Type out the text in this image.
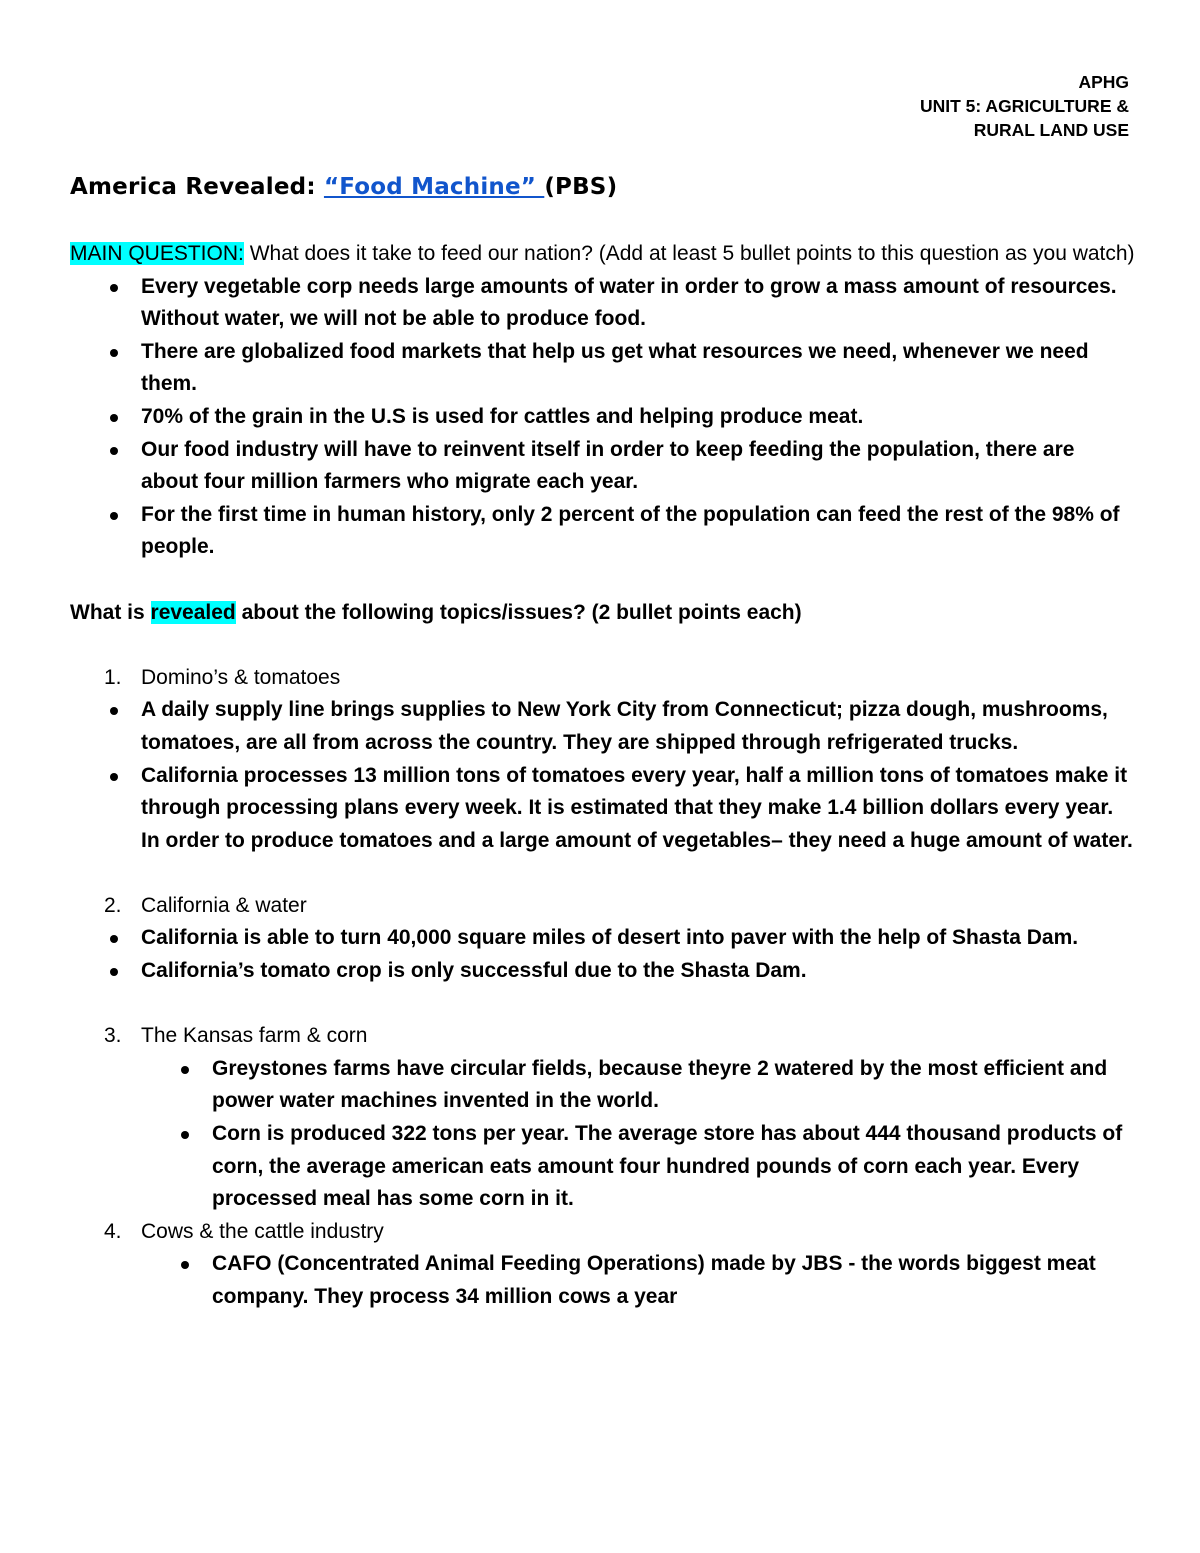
APHG
UNIT 5: AGRICULTURE &
RURAL LAND USE
America Revealed: “Food Machine” (PBS)
MAIN QUESTION: What does it take to feed our nation? (Add at least 5 bullet points to this question as you watch)
Every vegetable corp needs large amounts of water in order to grow a mass amount of resources. Without water, we will not be able to produce food.
There are globalized food markets that help us get what resources we need, whenever we need them.
70% of the grain in the U.S is used for cattles and helping produce meat.
Our food industry will have to reinvent itself in order to keep feeding the population, there are about four million farmers who migrate each year.
For the first time in human history, only 2 percent of the population can feed the rest of the 98% of people.
What is revealed about the following topics/issues? (2 bullet points each)
1. Domino’s & tomatoes
A daily supply line brings supplies to New York City from Connecticut; pizza dough, mushrooms, tomatoes, are all from across the country. They are shipped through refrigerated trucks.
California processes 13 million tons of tomatoes every year, half a million tons of tomatoes make it through processing plans every week. It is estimated that they make 1.4 billion dollars every year. In order to produce tomatoes and a large amount of vegetables– they need a huge amount of water.
2. California & water
California is able to turn 40,000 square miles of desert into paver with the help of Shasta Dam.
California’s tomato crop is only successful due to the Shasta Dam.
3. The Kansas farm & corn
Greystones farms have circular fields, because theyre 2 watered by the most efficient and power water machines invented in the world.
Corn is produced 322 tons per year. The average store has about 444 thousand products of corn, the average american eats amount four hundred pounds of corn each year. Every processed meal has some corn in it.
4. Cows & the cattle industry
CAFO (Concentrated Animal Feeding Operations) made by JBS - the words biggest meat company. They process 34 million cows a year
